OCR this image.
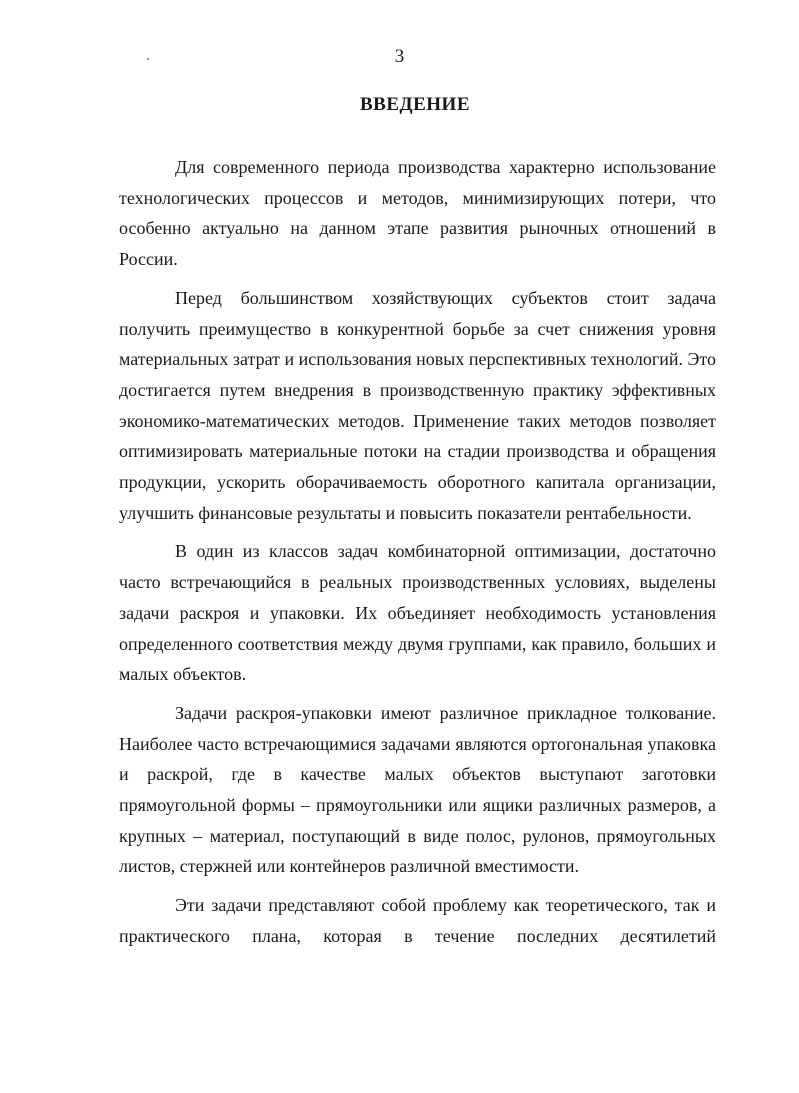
3
ВВЕДЕНИЕ

Для современного периода производства характерно использование технологических процессов и методов, минимизирующих потери, что особенно актуально на данном этапе развития рыночных отношений в России.

Перед большинством хозяйствующих субъектов стоит задача получить преимущество в конкурентной борьбе за счет снижения уровня материальных затрат и использования новых перспективных технологий. Это достигается путем внедрения в производственную практику эффективных экономико-математических методов. Применение таких методов позволяет оптимизировать материальные потоки на стадии производства и обращения продукции, ускорить оборачиваемость оборотного капитала организации, улучшить финансовые результаты и повысить показатели рентабельности.

В один из классов задач комбинаторной оптимизации, достаточно часто встречающийся в реальных производственных условиях, выделены задачи раскроя и упаковки. Их объединяет необходимость установления определенного соответствия между двумя группами, как правило, больших и малых объектов.

Задачи раскроя-упаковки имеют различное прикладное толкование. Наиболее часто встречающимися задачами являются ортогональная упаковка и раскрой, где в качестве малых объектов выступают заготовки прямоугольной формы – прямоугольники или ящики различных размеров, а крупных – материал, поступающий в виде полос, рулонов, прямоугольных листов, стержней или контейнеров различной вместимости.

Эти задачи представляют собой проблему как теоретического, так и практического плана, которая в течение последних десятилетий
